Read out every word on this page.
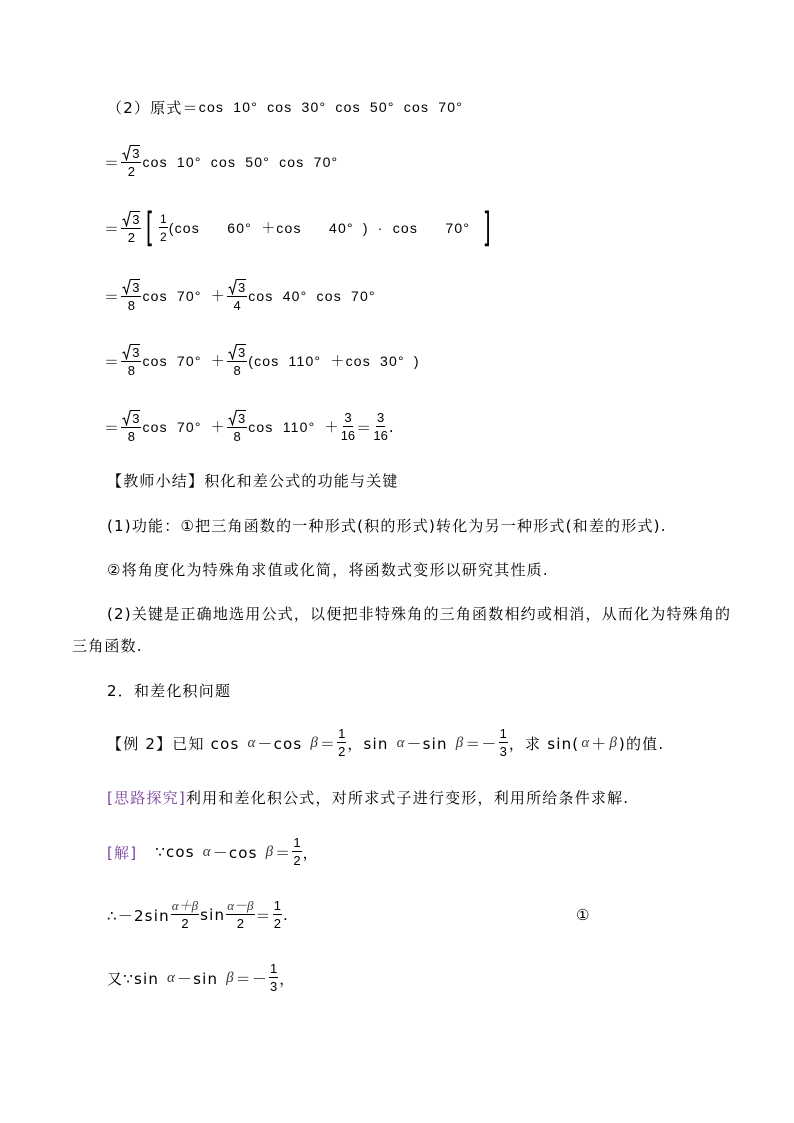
（2）原式＝ cos 10° cos 30° cos 50° cos 70°
＝ $\frac{3}{2}$ cos 10° cos 50° cos 70°
＝ $\frac{3}{2}$ [ $\frac{1}{2} (\cos$   60° ＋cos   40° ) · cos   70° ]
＝ $\frac{3}{8}$ $\cos 70^\circ + \frac{3}{4}$ cos 40° cos 70°
＝ $\frac{3}{8}$ $\cos 70^\circ + \frac{3}{8} (\cos$ 110° ＋cos 30° )
＝ $\frac{3}{8}$ $\cos 70^\circ + \frac{3}{8}$ $\cos 110^\circ + \frac{3}{16} = \frac{3}{16}$ .
【教师小结】积化和差公式的功能与关键
(1)功能：①把三角函数的一种形式(积的形式)转化为另一种形式(和差的形式).
②将角度化为特殊角求值或化简，将函数式变形以研究其性质.
(2)关键是正确地选用公式，以便把非特殊角的三角函数相约或相消，从而化为特殊角的
三角函数.
2．和差化积问题
【例 2】已知 cos α －cos $\beta = \frac{1}{2}$ ，sin α －sin $\beta =- \frac{1}{3}$ ，求 sin( α ＋ β )的值.
[思路探究] 利用和差化积公式，对所求式子进行变形，利用所给条件求解.
[解] ∵cos α －cos $\beta = \frac{1}{2}$ ，
∴－2sin $\frac{\alpha+\beta}{2}$ $\sin \frac{\alpha-\beta}{2} = \frac{1}{2}$ .	①
又∵sin α －sin $\beta =- \frac{1}{3}$ ，
